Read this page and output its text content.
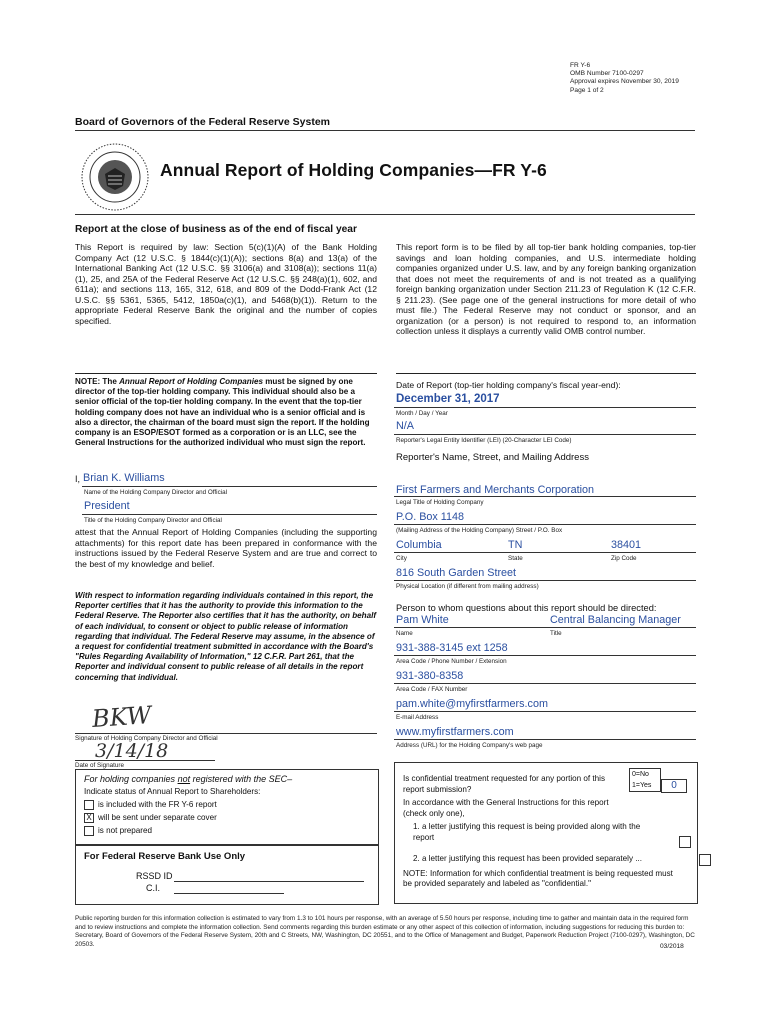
FR Y-6
OMB Number 7100-0297
Approval expires November 30, 2019
Page 1 of 2
Board of Governors of the Federal Reserve System
Annual Report of Holding Companies—FR Y-6
Report at the close of business as of the end of fiscal year
This Report is required by law: Section 5(c)(1)(A) of the Bank Holding Company Act (12 U.S.C. § 1844(c)(1)(A)); sections 8(a) and 13(a) of the International Banking Act (12 U.S.C. §§ 3106(a) and 3108(a)); sections 11(a)(1), 25, and 25A of the Federal Reserve Act (12 U.S.C. §§ 248(a)(1), 602, and 611a); and sections 113, 165, 312, 618, and 809 of the Dodd-Frank Act (12 U.S.C. §§ 5361, 5365, 5412, 1850a(c)(1), and 5468(b)(1)). Return to the appropriate Federal Reserve Bank the original and the number of copies specified.
This report form is to be filed by all top-tier bank holding companies, top-tier savings and loan holding companies, and U.S. intermediate holding companies organized under U.S. law, and by any foreign banking organization that does not meet the requirements of and is not treated as a qualifying foreign banking organization under Section 211.23 of Regulation K (12 C.F.R. § 211.23). (See page one of the general instructions for more detail of who must file.) The Federal Reserve may not conduct or sponsor, and an organization (or a person) is not required to respond to, an information collection unless it displays a currently valid OMB control number.
NOTE: The Annual Report of Holding Companies must be signed by one director of the top-tier holding company. This individual should also be a senior official of the top-tier holding company. In the event that the top-tier holding company does not have an individual who is a senior official and is also a director, the chairman of the board must sign the report. If the holding company is an ESOP/ESOT formed as a corporation or is an LLC, see the General Instructions for the authorized individual who must sign the report.
I, Brian K. Williams
Name of the Holding Company Director and Official
President
Title of the Holding Company Director and Official
attest that the Annual Report of Holding Companies (including the supporting attachments) for this report date has been prepared in conformance with the instructions issued by the Federal Reserve System and are true and correct to the best of my knowledge and belief.
With respect to information regarding individuals contained in this report, the Reporter certifies that it has the authority to provide this information to the Federal Reserve. The Reporter also certifies that it has the authority, on behalf of each individual, to consent or object to public release of information regarding that individual. The Federal Reserve may assume, in the absence of a request for confidential treatment submitted in accordance with the Board's "Rules Regarding Availability of Information," 12 C.F.R. Part 261, that the Reporter and individual consent to public release of all details in the report concerning that individual.
BKW
Signature of Holding Company Director and Official
3/14/18
Date of Signature
For holding companies not registered with the SEC–
Indicate status of Annual Report to Shareholders:
is included with the FR Y-6 report
X will be sent under separate cover
is not prepared
For Federal Reserve Bank Use Only
RSSD ID
C.I.
Date of Report (top-tier holding company's fiscal year-end):
December 31, 2017
Month / Day / Year
N/A
Reporter's Legal Entity Identifier (LEI) (20-Character LEI Code)
Reporter's Name, Street, and Mailing Address
First Farmers and Merchants Corporation
Legal Title of Holding Company
P.O. Box 1148
(Mailing Address of the Holding Company) Street / P.O. Box
Columbia	TN	38401
City	State	Zip Code
816 South Garden Street
Physical Location (if different from mailing address)
Person to whom questions about this report should be directed:
Pam White	Central Balancing Manager
Name	Title
931-388-3145 ext 1258
Area Code / Phone Number / Extension
931-380-8358
Area Code / FAX Number
pam.white@myfirstfarmers.com
E-mail Address
www.myfirstfarmers.com
Address (URL) for the Holding Company's web page
Is confidential treatment requested for any portion of this report submission?
0=No
1=Yes	0
In accordance with the General Instructions for this report
(check only one),
1. a letter justifying this request is being provided along with the report

2. a letter justifying this request has been provided separately ...
NOTE: Information for which confidential treatment is being requested must be provided separately and labeled as "confidential."
Public reporting burden for this information collection is estimated to vary from 1.3 to 101 hours per response, with an average of 5.50 hours per response, including time to gather and maintain data in the required form and to review instructions and complete the information collection. Send comments regarding this burden estimate or any other aspect of this collection of information, including suggestions for reducing this burden to: Secretary, Board of Governors of the Federal Reserve System, 20th and C Streets, NW, Washington, DC 20551, and to the Office of Management and Budget, Paperwork Reduction Project (7100-0297), Washington, DC 20503.	03/2018
